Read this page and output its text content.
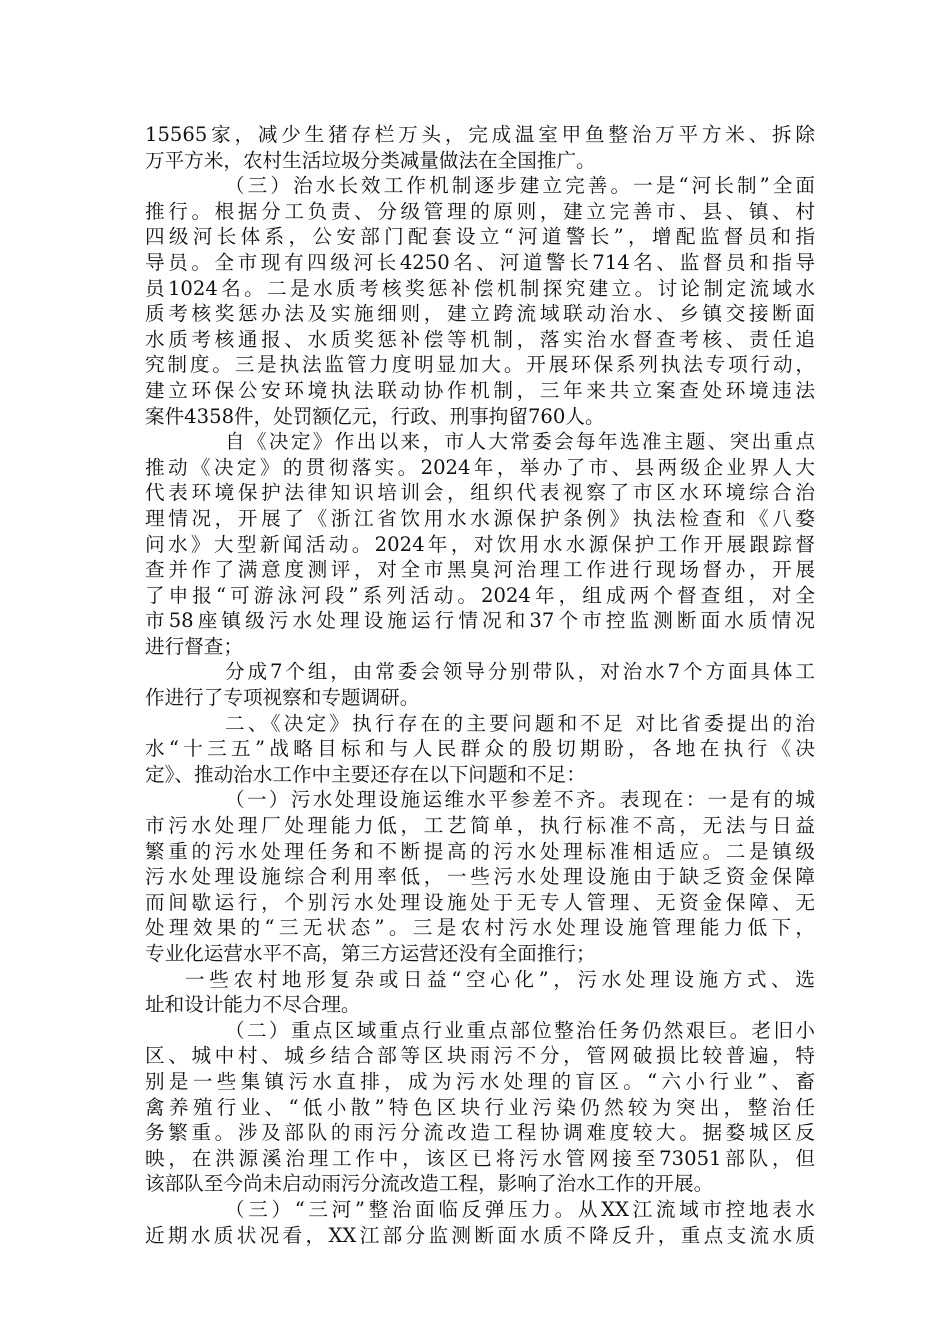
15565家，减少生猪存栏万头，完成温室甲鱼整治万平方米、拆除
万平方米，农村生活垃圾分类减量做法在全国推广。
（三）治水长效工作机制逐步建立完善。一是“河长制”全面
推行。根据分工负责、分级管理的原则，建立完善市、县、镇、村
四级河长体系，公安部门配套设立“河道警长”，增配监督员和指
导员。全市现有四级河长4250名、河道警长714名、监督员和指导
员1024名。二是水质考核奖惩补偿机制探究建立。讨论制定流域水
质考核奖惩办法及实施细则，建立跨流域联动治水、乡镇交接断面
水质考核通报、水质奖惩补偿等机制，落实治水督查考核、责任追
究制度。三是执法监管力度明显加大。开展环保系列执法专项行动，
建立环保公安环境执法联动协作机制，三年来共立案查处环境违法
案件4358件，处罚额亿元，行政、刑事拘留760人。
自《决定》作出以来，市人大常委会每年选准主题、突出重点
推动《决定》的贯彻落实。2024年，举办了市、县两级企业界人大
代表环境保护法律知识培训会，组织代表视察了市区水环境综合治
理情况，开展了《浙江省饮用水水源保护条例》执法检查和《八婺
问水》大型新闻活动。2024年，对饮用水水源保护工作开展跟踪督
查并作了满意度测评，对全市黑臭河治理工作进行现场督办，开展
了申报“可游泳河段”系列活动。2024年，组成两个督查组，对全
市58座镇级污水处理设施运行情况和37个市控监测断面水质情况
进行督查；
分成7个组，由常委会领导分别带队，对治水7个方面具体工
作进行了专项视察和专题调研。
二、《决定》执行存在的主要问题和不足 对比省委提出的治
水“十三五”战略目标和与人民群众的殷切期盼，各地在执行《决
定》、推动治水工作中主要还存在以下问题和不足：
（一）污水处理设施运维水平参差不齐。表现在：一是有的城
市污水处理厂处理能力低，工艺简单，执行标准不高，无法与日益
繁重的污水处理任务和不断提高的污水处理标准相适应。二是镇级
污水处理设施综合利用率低，一些污水处理设施由于缺乏资金保障
而间歇运行，个别污水处理设施处于无专人管理、无资金保障、无
处理效果的“三无状态”。三是农村污水处理设施管理能力低下，
专业化运营水平不高，第三方运营还没有全面推行；
一些农村地形复杂或日益“空心化”，污水处理设施方式、选
址和设计能力不尽合理。
（二）重点区域重点行业重点部位整治任务仍然艰巨。老旧小
区、城中村、城乡结合部等区块雨污不分，管网破损比较普遍，特
别是一些集镇污水直排，成为污水处理的盲区。“六小行业”、畜
禽养殖行业、“低小散”特色区块行业污染仍然较为突出，整治任
务繁重。涉及部队的雨污分流改造工程协调难度较大。据婺城区反
映，在洪源溪治理工作中，该区已将污水管网接至73051部队，但
该部队至今尚未启动雨污分流改造工程，影响了治水工作的开展。
（三）“三河”整治面临反弹压力。从XX江流域市控地表水
近期水质状况看，XX江部分监测断面水质不降反升，重点支流水质
